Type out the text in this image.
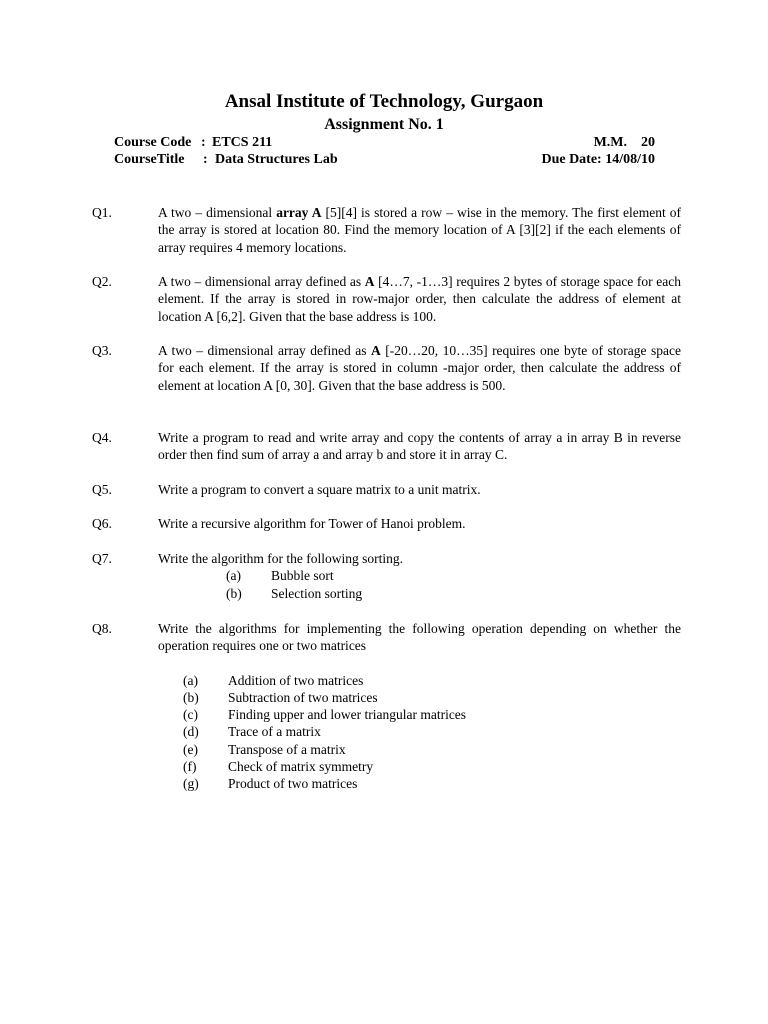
Ansal Institute of Technology, Gurgaon
Assignment No. 1
Course Code : ETCS 211	M.M.    20
CourseTitle : Data Structures Lab	Due Date: 14/08/10
Q1.	A two – dimensional array A [5][4] is stored a row – wise in the memory. The first element of the array is stored at location 80. Find the memory location of A [3][2] if the each elements of array requires 4 memory locations.
Q2.	A two – dimensional array defined as A [4…7, -1…3] requires 2 bytes of storage space for each element. If the array is stored in row-major order, then calculate the address of element at location A [6,2]. Given that the base address is 100.
Q3.	A two – dimensional array defined as A [-20…20, 10…35] requires one byte of storage space for each element. If the array is stored in column -major order, then calculate the address of element at location A [0, 30]. Given that the base address is 500.
Q4.	Write a program to read and write array and copy the contents of array a in array B in reverse order then find sum of array a and array b and store it in array C.
Q5.	Write a program to convert a square matrix to a unit matrix.
Q6.	Write a recursive algorithm for Tower of Hanoi problem.
Q7.	Write the algorithm for the following sorting.
(a) Bubble sort
(b) Selection sorting
Q8.	Write the algorithms for implementing the following operation depending on whether the operation requires one or two matrices
(a) Addition of two matrices
(b) Subtraction of two matrices
(c) Finding upper and lower triangular matrices
(d) Trace of a matrix
(e) Transpose of a matrix
(f) Check of matrix symmetry
(g) Product of two matrices
